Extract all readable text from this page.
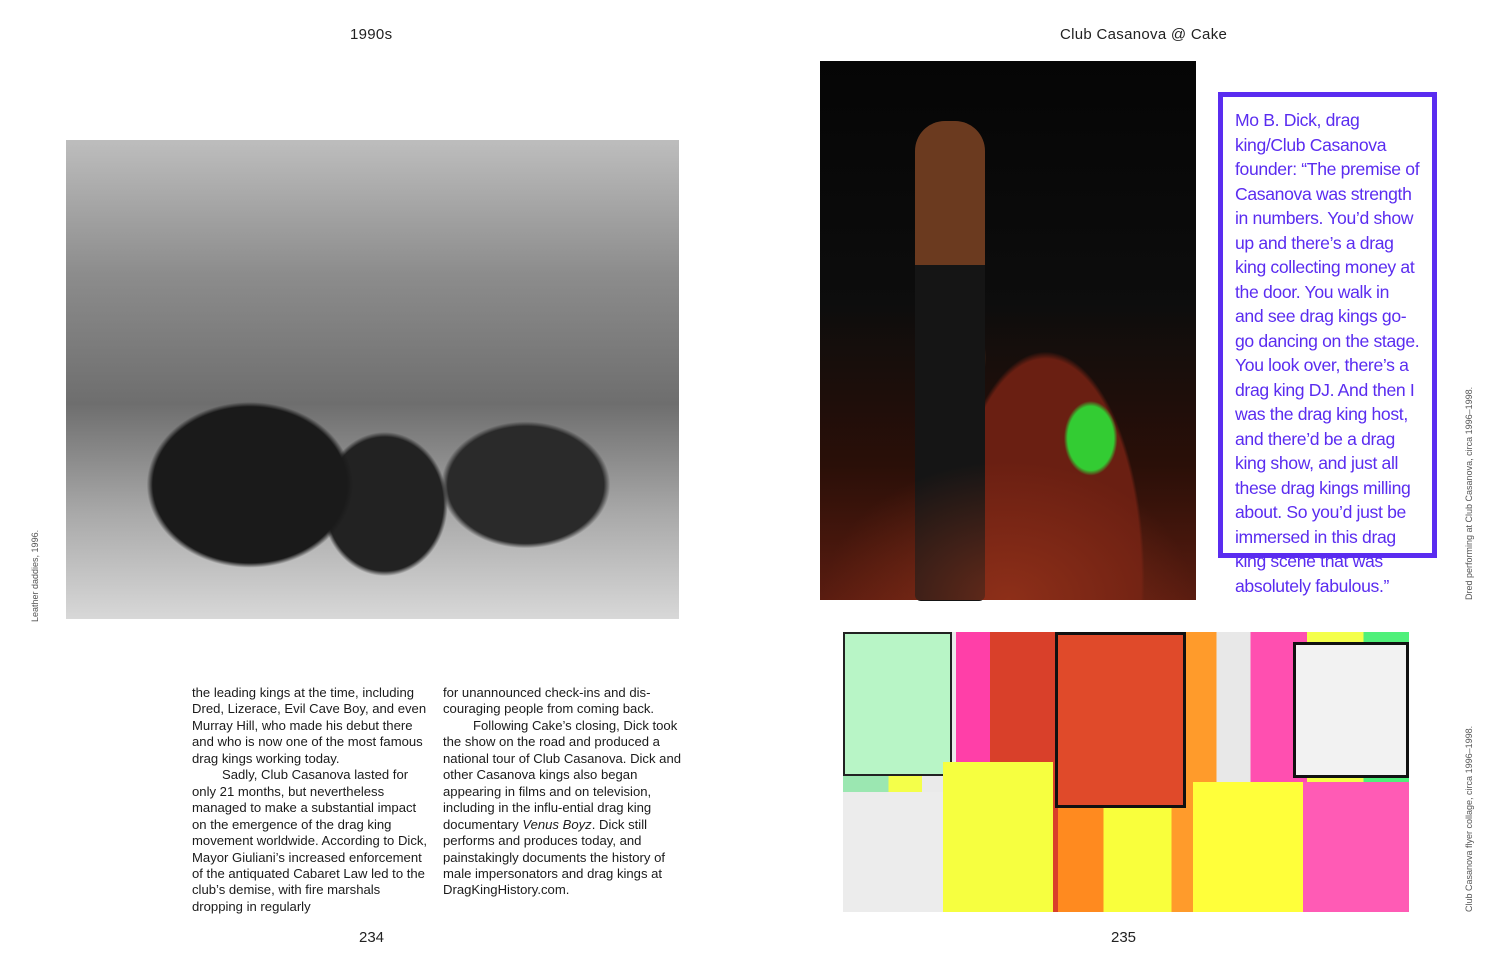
1990s
Leather daddies, 1996.

the leading kings at the time, including Dred, Lizerace, Evil Cave Boy, and even Murray Hill, who made his debut there and who is now one of the most famous drag kings working today.

Sadly, Club Casanova lasted for only 21 months, but nevertheless managed to make a substantial impact on the emergence of the drag king movement worldwide. According to Dick, Mayor Giuliani’s increased enforcement of the antiquated Cabaret Law led to the club’s demise, with fire marshals dropping in regularly

for unannounced check-ins and dis-couraging people from coming back.

Following Cake’s closing, Dick took the show on the road and produced a national tour of Club Casanova. Dick and other Casanova kings also began appearing in films and on television, including in the influ-ential drag king documentary Venus Boyz. Dick still performs and produces today, and painstakingly documents the history of male impersonators and drag kings at DragKingHistory.com.

234
Club Casanova @ Cake

Mo B. Dick, drag king/Club Casanova founder: “The premise of Casanova was strength in numbers. You’d show up and there’s a drag king collecting money at the door. You walk in and see drag kings go-go dancing on the stage. You look over, there’s a drag king DJ. And then I was the drag king host, and there’d be a drag king show, and just all these drag kings milling about. So you’d just be immersed in this drag king scene that was absolutely fabulous.”	Dred performing at Club Casanova, circa 1996–1998.
Club Casanova flyer collage, circa 1996–1998.
235
